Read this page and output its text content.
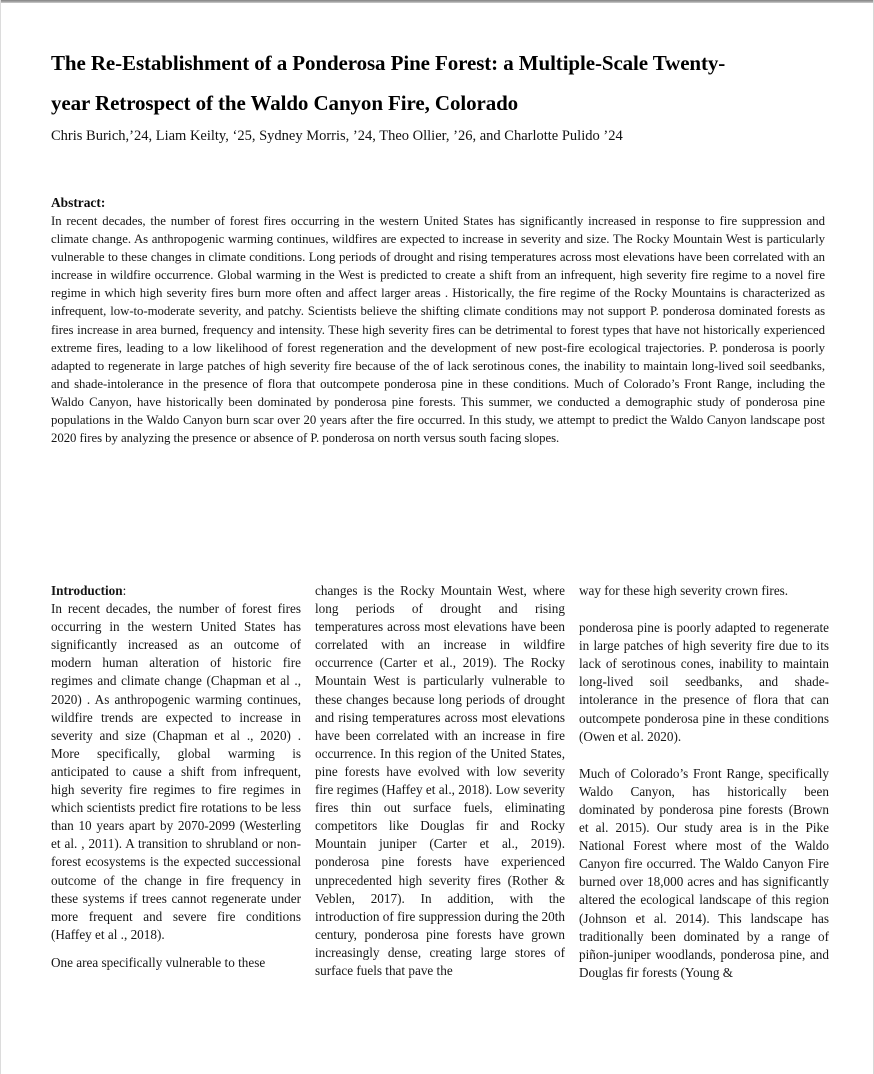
The Re-Establishment of a Ponderosa Pine Forest: a Multiple-Scale Twenty-
year Retrospect of the Waldo Canyon Fire, Colorado
Chris Burich,’24, Liam Keilty, ‘25, Sydney Morris, ’24, Theo Ollier, ’26, and Charlotte Pulido ’24
Abstract:

In recent decades, the number of forest fires occurring in the western United States has significantly increased in response to fire suppression and climate change. As anthropogenic warming continues, wildfires are expected to increase in severity and size. The Rocky Mountain West is particularly vulnerable to these changes in climate conditions. Long periods of drought and rising temperatures across most elevations have been correlated with an increase in wildfire occurrence. Global warming in the West is predicted to create a shift from an infrequent, high severity fire regime to a novel fire regime in which high severity fires burn more often and affect larger areas . Historically, the fire regime of the Rocky Mountains is characterized as infrequent, low-to-moderate severity, and patchy. Scientists believe the shifting climate conditions may not support P. ponderosa dominated forests as fires increase in area burned, frequency and intensity. These high severity fires can be detrimental to forest types that have not historically experienced extreme fires, leading to a low likelihood of forest regeneration and the development of new post-fire ecological trajectories. P. ponderosa is poorly adapted to regenerate in large patches of high severity fire because of the of lack serotinous cones, the inability to maintain long-lived soil seedbanks, and shade-intolerance in the presence of flora that outcompete ponderosa pine in these conditions. Much of Colorado’s Front Range, including the Waldo Canyon, have historically been dominated by ponderosa pine forests. This summer, we conducted a demographic study of ponderosa pine populations in the Waldo Canyon burn scar over 20 years after the fire occurred. In this study, we attempt to predict the Waldo Canyon landscape post 2020 fires by analyzing the presence or absence of P. ponderosa on north versus south facing slopes.

Introduction:

In recent decades, the number of forest fires occurring in the western United States has significantly increased as an outcome of modern human alteration of historic fire regimes and climate change (Chapman et al ., 2020) . As anthropogenic warming continues, wildfire trends are expected to increase in severity and size (Chapman et al ., 2020) . More specifically, global warming is anticipated to cause a shift from infrequent, high severity fire regimes to fire regimes in which scientists predict fire rotations to be less than 10 years apart by 2070-2099 (Westerling et al. , 2011). A transition to shrubland or non-forest ecosystems is the expected successional outcome of the change in fire frequency in these systems if trees cannot regenerate under more frequent and severe fire conditions (Haffey et al ., 2018).

One area specifically vulnerable to these

changes is the Rocky Mountain West, where long periods of drought and rising temperatures across most elevations have been correlated with an increase in wildfire occurrence (Carter et al., 2019). The Rocky Mountain West is particularly vulnerable to these changes because long periods of drought and rising temperatures across most elevations have been correlated with an increase in fire occurrence. In this region of the United States, pine forests have evolved with low severity fire regimes (Haffey et al., 2018). Low severity fires thin out surface fuels, eliminating competitors like Douglas fir and Rocky Mountain juniper (Carter et al., 2019). ponderosa pine forests have experienced unprecedented high severity fires (Rother & Veblen, 2017). In addition, with the introduction of fire suppression during the 20th century, ponderosa pine forests have grown increasingly dense, creating large stores of surface fuels that pave the

way for these high severity crown fires.

ponderosa pine is poorly adapted to regenerate in large patches of high severity fire due to its lack of serotinous cones, inability to maintain long-lived soil seedbanks, and shade-intolerance in the presence of flora that can outcompete ponderosa pine in these conditions (Owen et al. 2020).

Much of Colorado’s Front Range, specifically Waldo Canyon, has historically been dominated by ponderosa pine forests (Brown et al. 2015). Our study area is in the Pike National Forest where most of the Waldo Canyon fire occurred. The Waldo Canyon Fire burned over 18,000 acres and has significantly altered the ecological landscape of this region (Johnson et al. 2014). This landscape has traditionally been dominated by a range of piñon-juniper woodlands, ponderosa pine, and Douglas fir forests (Young &
